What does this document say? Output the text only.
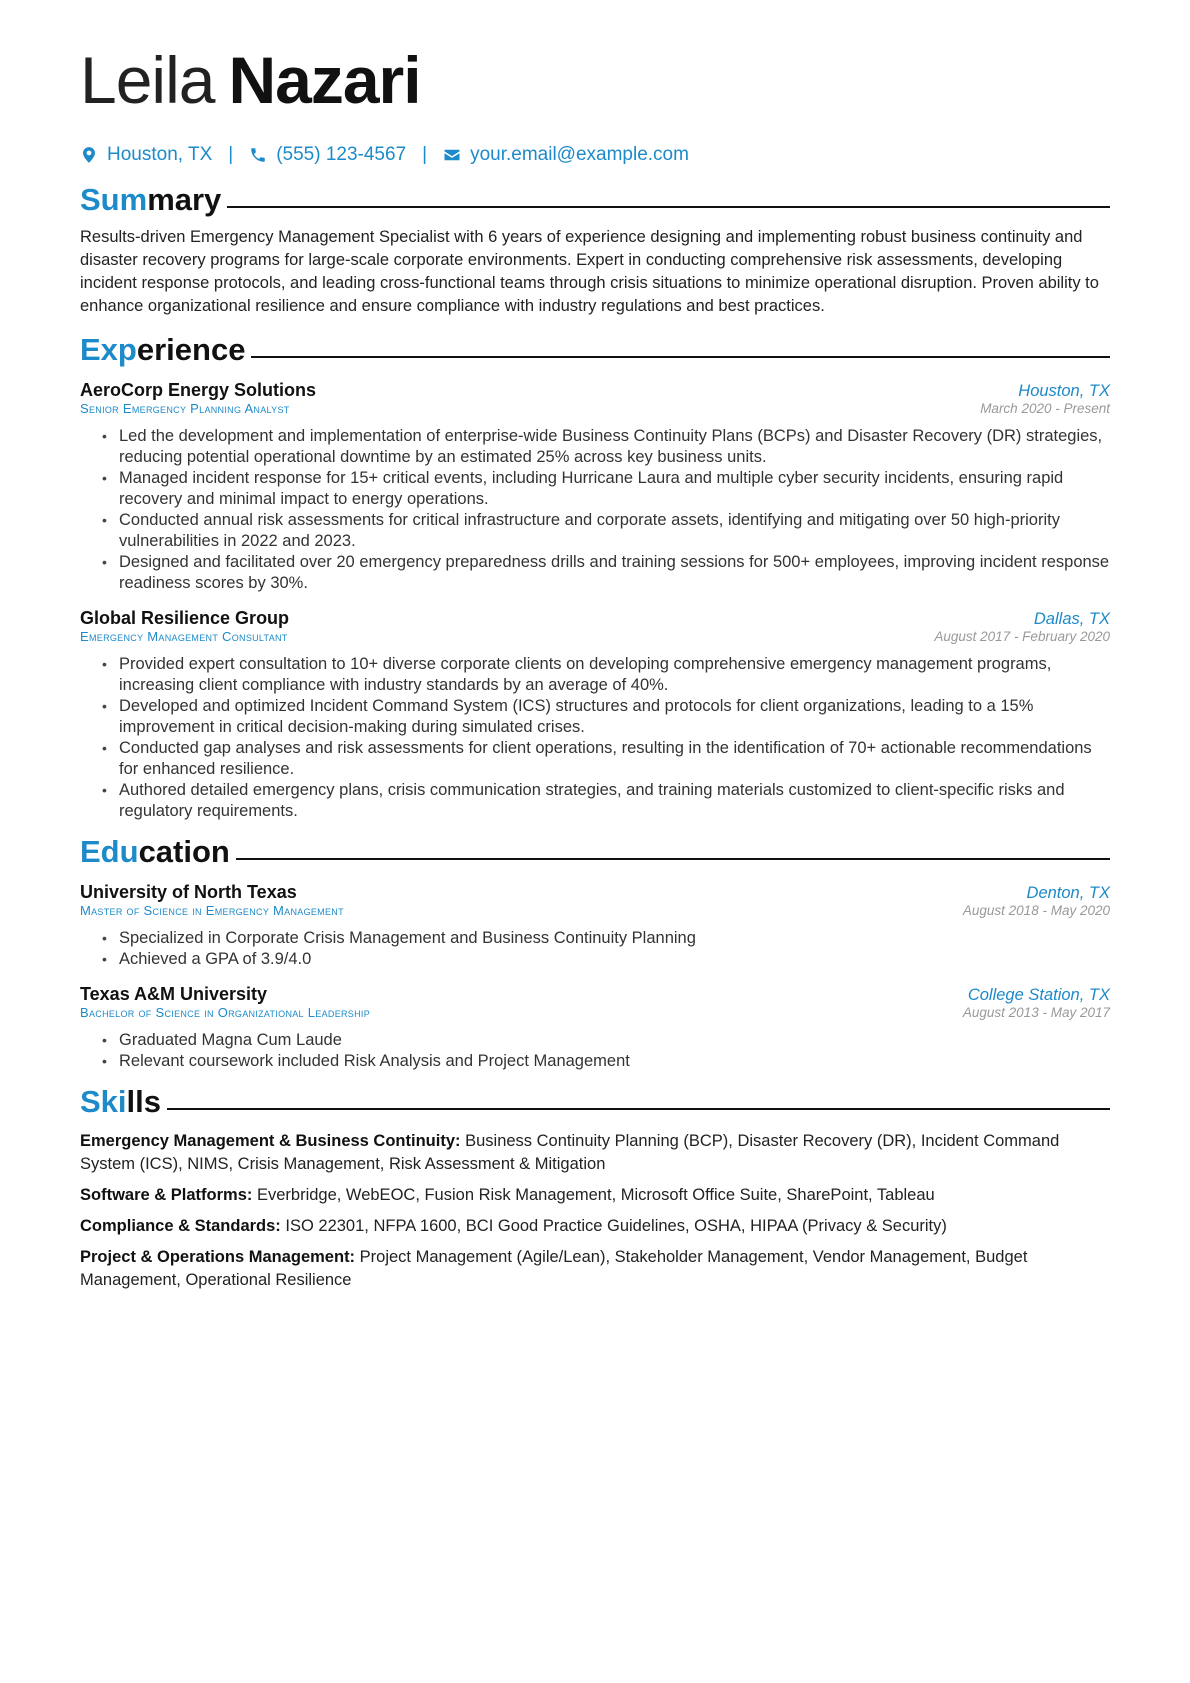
Leila Nazari
Houston, TX | (555) 123-4567 | your.email@example.com
Summary

Results-driven Emergency Management Specialist with 6 years of experience designing and implementing robust business continuity and disaster recovery programs for large-scale corporate environments. Expert in conducting comprehensive risk assessments, developing incident response protocols, and leading cross-functional teams through crisis situations to minimize operational disruption. Proven ability to enhance organizational resilience and ensure compliance with industry regulations and best practices.

Experience
AeroCorp Energy Solutions	Houston, TX
Senior Emergency Planning Analyst	March 2020 - Present
• Led the development and implementation of enterprise-wide Business Continuity Plans (BCPs) and Disaster Recovery (DR) strategies, reducing potential operational downtime by an estimated 25% across key business units.
• Managed incident response for 15+ critical events, including Hurricane Laura and multiple cyber security incidents, ensuring rapid recovery and minimal impact to energy operations.
• Conducted annual risk assessments for critical infrastructure and corporate assets, identifying and mitigating over 50 high-priority vulnerabilities in 2022 and 2023.
• Designed and facilitated over 20 emergency preparedness drills and training sessions for 500+ employees, improving incident response readiness scores by 30%.
Global Resilience Group	Dallas, TX
Emergency Management Consultant	August 2017 - February 2020
• Provided expert consultation to 10+ diverse corporate clients on developing comprehensive emergency management programs, increasing client compliance with industry standards by an average of 40%.
• Developed and optimized Incident Command System (ICS) structures and protocols for client organizations, leading to a 15% improvement in critical decision-making during simulated crises.
• Conducted gap analyses and risk assessments for client operations, resulting in the identification of 70+ actionable recommendations for enhanced resilience.
• Authored detailed emergency plans, crisis communication strategies, and training materials customized to client-specific risks and regulatory requirements.
Education
University of North Texas	Denton, TX
Master of Science in Emergency Management	August 2018 - May 2020
• Specialized in Corporate Crisis Management and Business Continuity Planning
• Achieved a GPA of 3.9/4.0
Texas A&M University	College Station, TX
Bachelor of Science in Organizational Leadership	August 2013 - May 2017
• Graduated Magna Cum Laude
• Relevant coursework included Risk Analysis and Project Management
Skills
Emergency Management & Business Continuity: Business Continuity Planning (BCP), Disaster Recovery (DR), Incident Command System (ICS), NIMS, Crisis Management, Risk Assessment & Mitigation
Software & Platforms: Everbridge, WebEOC, Fusion Risk Management, Microsoft Office Suite, SharePoint, Tableau
Compliance & Standards: ISO 22301, NFPA 1600, BCI Good Practice Guidelines, OSHA, HIPAA (Privacy & Security)
Project & Operations Management: Project Management (Agile/Lean), Stakeholder Management, Vendor Management, Budget Management, Operational Resilience
